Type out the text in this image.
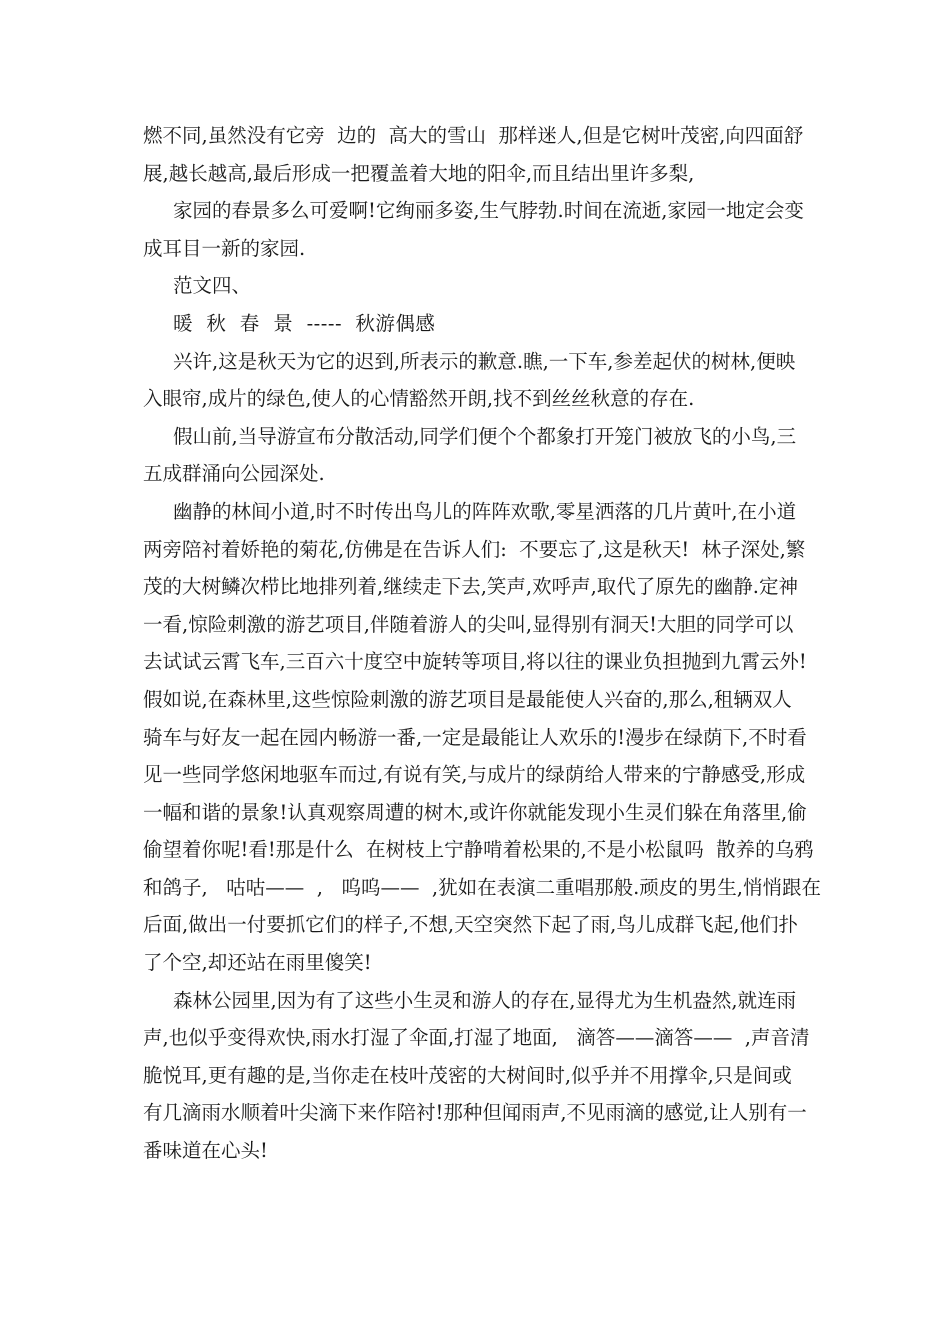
燃不同,虽然没有它旁  边的  高大的雪山  那样迷人,但是它树叶茂密,向四面舒
展,越长越高,最后形成一把覆盖着大地的阳伞,而且结出里许多梨,
家园的春景多么可爱啊!它绚丽多姿,生气脖勃.时间在流逝,家园一地定会变
成耳目一新的家园.
范文四、
暖  秋  春  景  -----  秋游偶感
兴许,这是秋天为它的迟到,所表示的歉意.瞧,一下车,参差起伏的树林,便映
入眼帘,成片的绿色,使人的心情豁然开朗,找不到丝丝秋意的存在.
假山前,当导游宣布分散活动,同学们便个个都象打开笼门被放飞的小鸟,三
五成群涌向公园深处.
幽静的林间小道,时不时传出鸟儿的阵阵欢歌,零星洒落的几片黄叶,在小道
两旁陪衬着娇艳的菊花,仿佛是在告诉人们:  不要忘了,这是秋天!  林子深处,繁
茂的大树鳞次栉比地排列着,继续走下去,笑声,欢呼声,取代了原先的幽静.定神
一看,惊险刺激的游艺项目,伴随着游人的尖叫,显得别有洞天!大胆的同学可以
去试试云霄飞车,三百六十度空中旋转等项目,将以往的课业负担抛到九霄云外!
假如说,在森林里,这些惊险刺激的游艺项目是最能使人兴奋的,那么,租辆双人
骑车与好友一起在园内畅游一番,一定是最能让人欢乐的!漫步在绿荫下,不时看
见一些同学悠闲地驱车而过,有说有笑,与成片的绿荫给人带来的宁静感受,形成
一幅和谐的景象!认真观察周遭的树木,或许你就能发现小生灵们躲在角落里,偷
偷望着你呢!看!那是什么  在树枝上宁静啃着松果的,不是小松鼠吗  散养的乌鸦
和鸽子,   咕咕——  ,   呜呜——  ,犹如在表演二重唱那般.顽皮的男生,悄悄跟在
后面,做出一付要抓它们的样子,不想,天空突然下起了雨,鸟儿成群飞起,他们扑
了个空,却还站在雨里傻笑!
森林公园里,因为有了这些小生灵和游人的存在,显得尤为生机盎然,就连雨
声,也似乎变得欢快,雨水打湿了伞面,打湿了地面,   滴答——滴答——  ,声音清
脆悦耳,更有趣的是,当你走在枝叶茂密的大树间时,似乎并不用撑伞,只是间或
有几滴雨水顺着叶尖滴下来作陪衬!那种但闻雨声,不见雨滴的感觉,让人别有一
番味道在心头!
